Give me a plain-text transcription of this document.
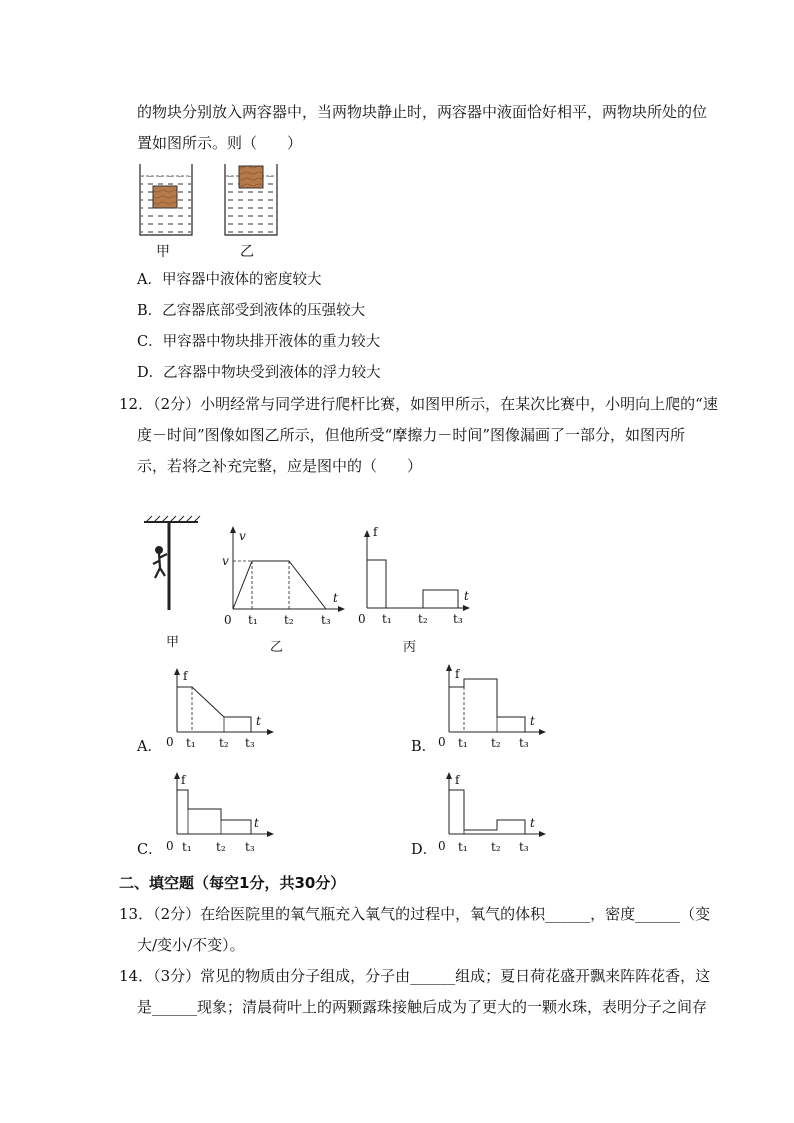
的物块分别放入两容器中，当两物块静止时，两容器中液面恰好相平，两物块所处的位
置如图所示。则（　　）
甲	乙
A．甲容器中液体的密度较大
B．乙容器底部受到液体的压强较大
C．甲容器中物块排开液体的重力较大
D．乙容器中物块受到液体的浮力较大
12．（2分）小明经常与同学进行爬杆比赛，如图甲所示，在某次比赛中，小明向上爬的“速
度－时间”图像如图乙所示，但他所受“摩擦力－时间”图像漏画了一部分，如图丙所
示，若将之补充完整，应是图中的（　　）
甲
v
v
t
0 t₁ t₂ t₃
乙
f
t
0 t₁ t₂ t₃
丙
f
t
0 t₁ t₂ t₃
A．
f
t
0 t₁ t₂ t₃
B．
f
t
0 t₁ t₂ t₃
C．
f
t
0 t₁ t₂ t₃
D．
二、填空题（每空1分，共30分）
13．（2分）在给医院里的氧气瓶充入氧气的过程中，氧气的体积______，密度______（变
大/变小/不变）。
14．（3分）常见的物质由分子组成，分子由______组成；夏日荷花盛开飘来阵阵花香，这
是______现象；清晨荷叶上的两颗露珠接触后成为了更大的一颗水珠，表明分子之间存
